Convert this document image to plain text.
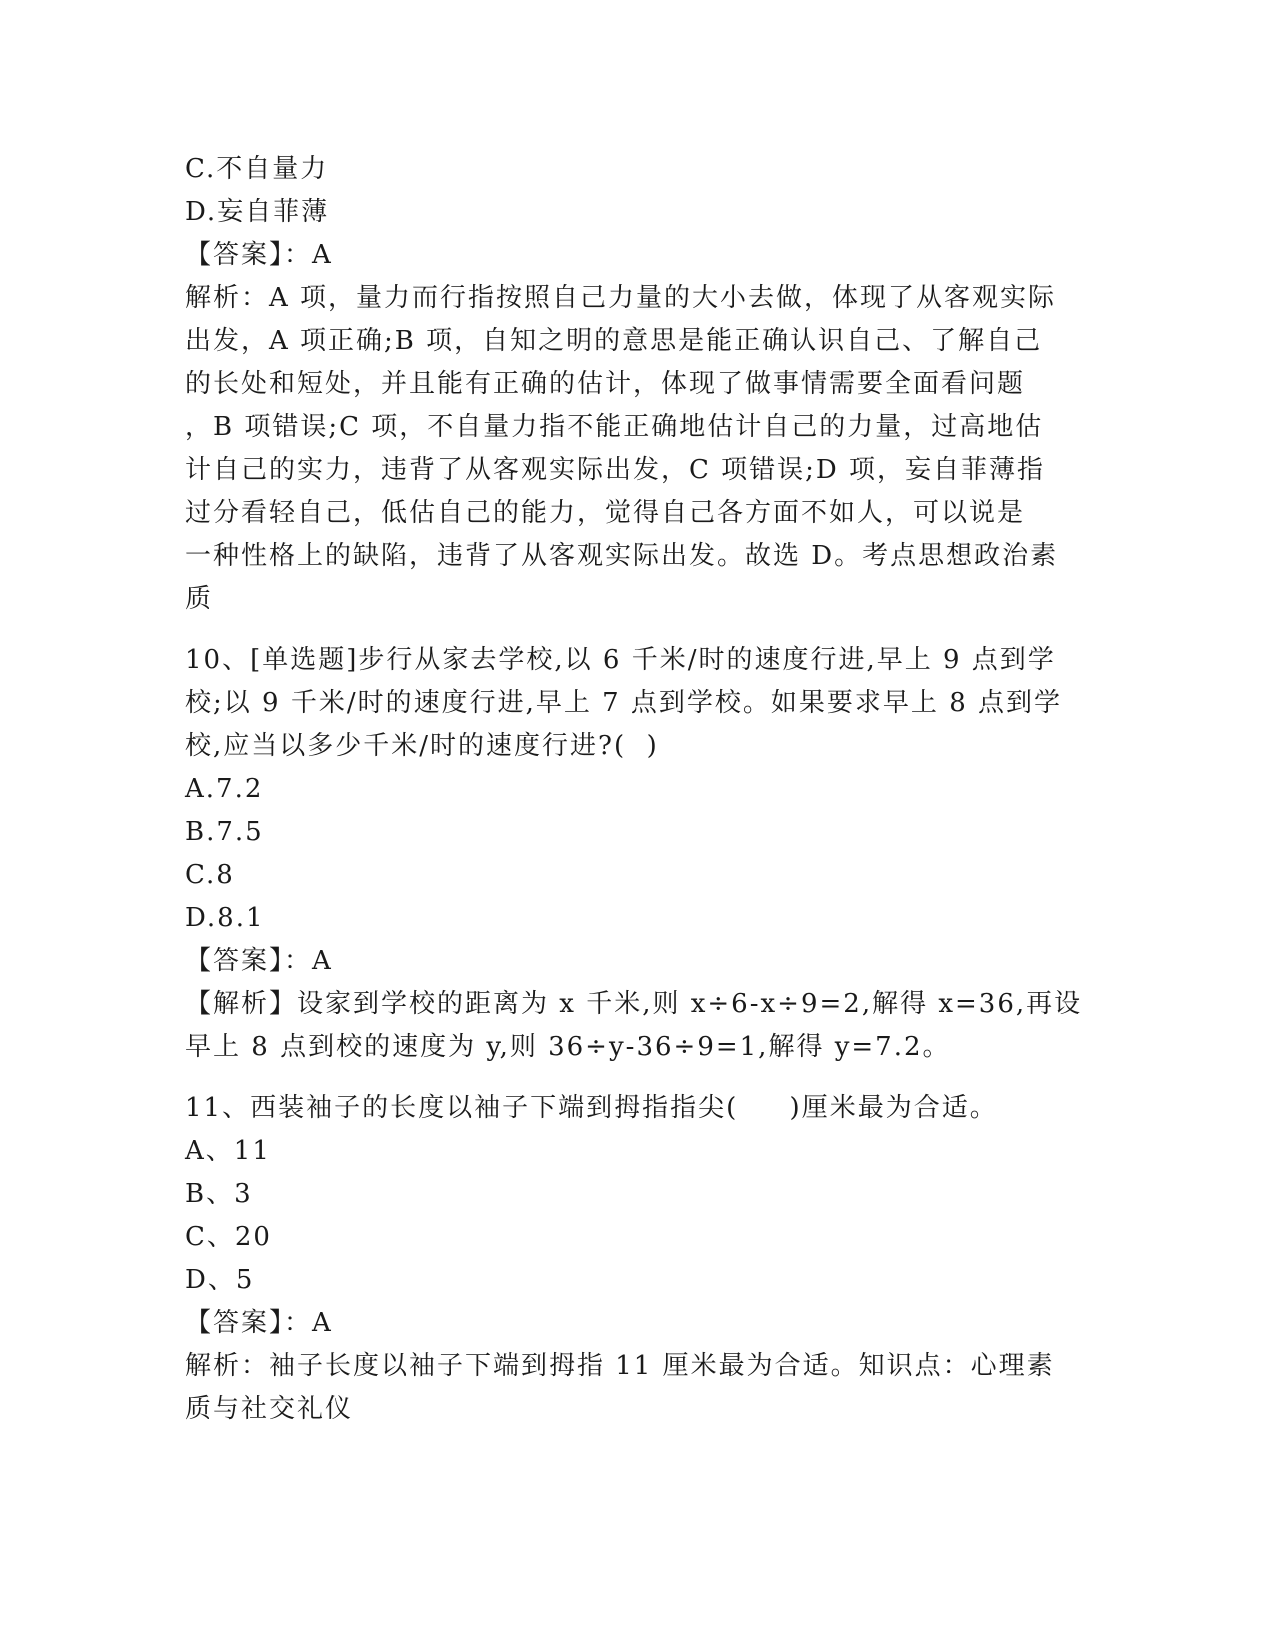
C.不自量力
D.妄自菲薄
【答案】：A
解析：A 项，量力而行指按照自己力量的大小去做，体现了从客观实际
出发，A 项正确;B 项，自知之明的意思是能正确认识自己、了解自己
的长处和短处，并且能有正确的估计，体现了做事情需要全面看问题
，B 项错误;C 项，不自量力指不能正确地估计自己的力量，过高地估
计自己的实力，违背了从客观实际出发，C 项错误;D 项，妄自菲薄指
过分看轻自己，低估自己的能力，觉得自己各方面不如人，可以说是
一种性格上的缺陷，违背了从客观实际出发。故选 D。考点思想政治素
质
10、[单选题]步行从家去学校,以 6 千米/时的速度行进,早上 9 点到学
校;以 9 千米/时的速度行进,早上 7 点到学校。如果要求早上 8 点到学
校,应当以多少千米/时的速度行进?(  )
A.7.2
B.7.5
C.8
D.8.1
【答案】：A
【解析】设家到学校的距离为 x 千米,则 x÷6-x÷9=2,解得 x=36,再设
早上 8 点到校的速度为 y,则 36÷y-36÷9=1,解得 y=7.2。
11、西装袖子的长度以袖子下端到拇指指尖(     )厘米最为合适。
A、11
B、3
C、20
D、5
【答案】：A
解析：袖子长度以袖子下端到拇指 11 厘米最为合适。知识点：心理素
质与社交礼仪
